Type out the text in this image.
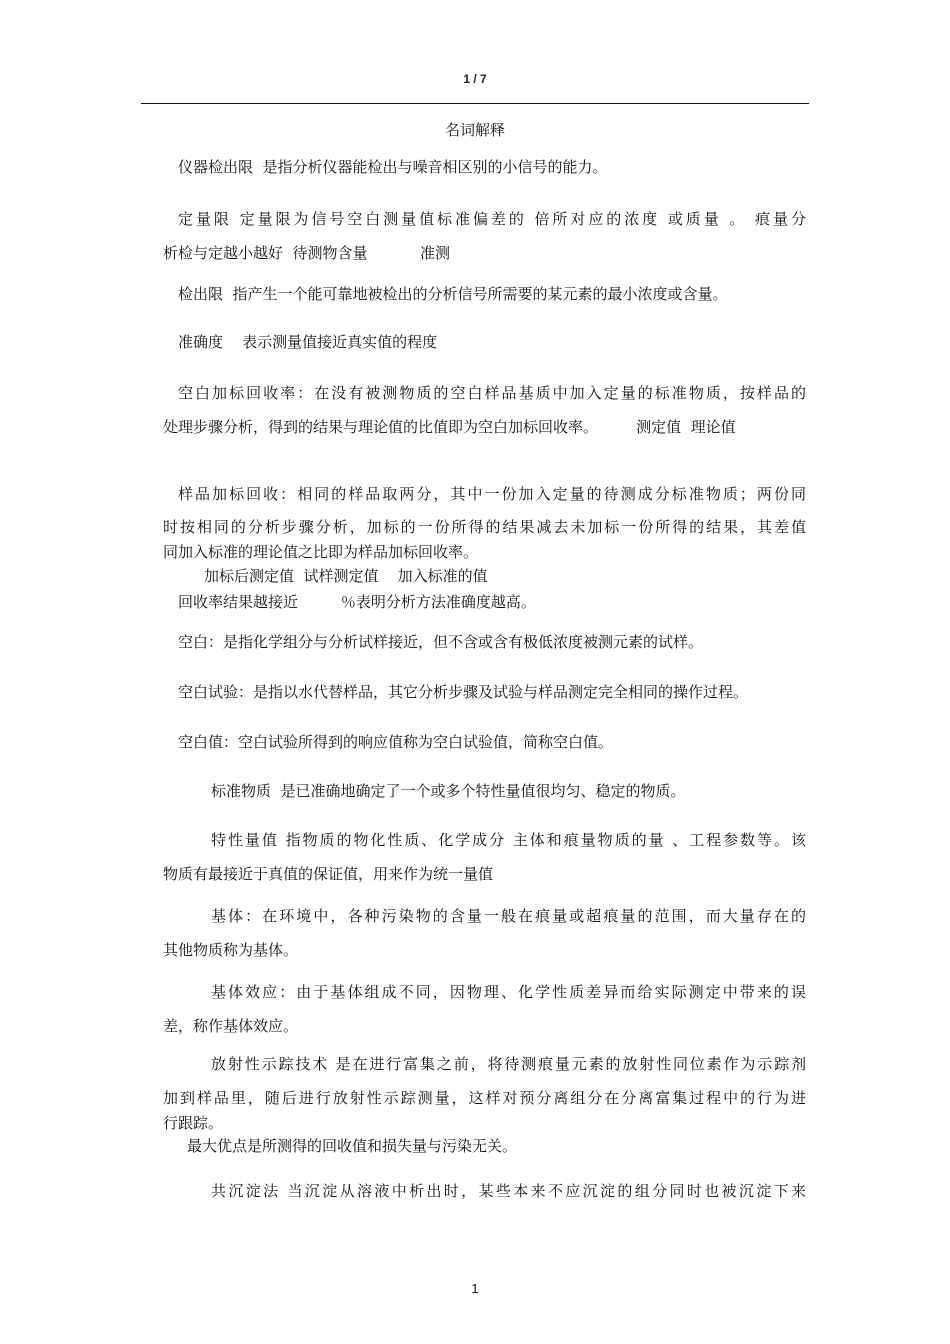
1 / 7
名词解释
仪器检出限  是指分析仪器能检出与噪音相区别的小信号的能力。
定量限 定量限为信号空白测量值标准偏差的 倍所对应的浓度 或质量 。 痕量分
析检与定越小越好  待测物含量           准测
检出限  指产生一个能可靠地被检出的分析信号所需要的某元素的最小浓度或含量。
准确度    表示测量值接近真实值的程度
空白加标回收率：在没有被测物质的空白样品基质中加入定量的标准物质，按样品的
处理步骤分析，得到的结果与理论值的比值即为空白加标回收率。        测定值  理论值
样品加标回收：相同的样品取两分，其中一份加入定量的待测成分标准物质；两份同
时按相同的分析步骤分析，加标的一份所得的结果减去未加标一份所得的结果，其差值
同加入标准的理论值之比即为样品加标回收率。
加标后测定值  试样测定值    加入标准的值
回收率结果越接近         ％表明分析方法准确度越高。
空白：是指化学组分与分析试样接近，但不含或含有极低浓度被测元素的试样。
空白试验：是指以水代替样品，其它分析步骤及试验与样品测定完全相同的操作过程。
空白值：空白试验所得到的响应值称为空白试验值，简称空白值。
标准物质  是已准确地确定了一个或多个特性量值很均匀、稳定的物质。
特性量值 指物质的物化性质、化学成分 主体和痕量物质的量 、工程参数等。该
物质有最接近于真值的保证值，用来作为统一量值
基体：在环境中，各种污染物的含量一般在痕量或超痕量的范围，而大量存在的
其他物质称为基体。
基体效应：由于基体组成不同，因物理、化学性质差异而给实际测定中带来的误
差，称作基体效应。
放射性示踪技术 是在进行富集之前，将待测痕量元素的放射性同位素作为示踪剂
加到样品里，随后进行放射性示踪测量，这样对预分离组分在分离富集过程中的行为进
行跟踪。
最大优点是所测得的回收值和损失量与污染无关。
共沉淀法 当沉淀从溶液中析出时，某些本来不应沉淀的组分同时也被沉淀下来
1
